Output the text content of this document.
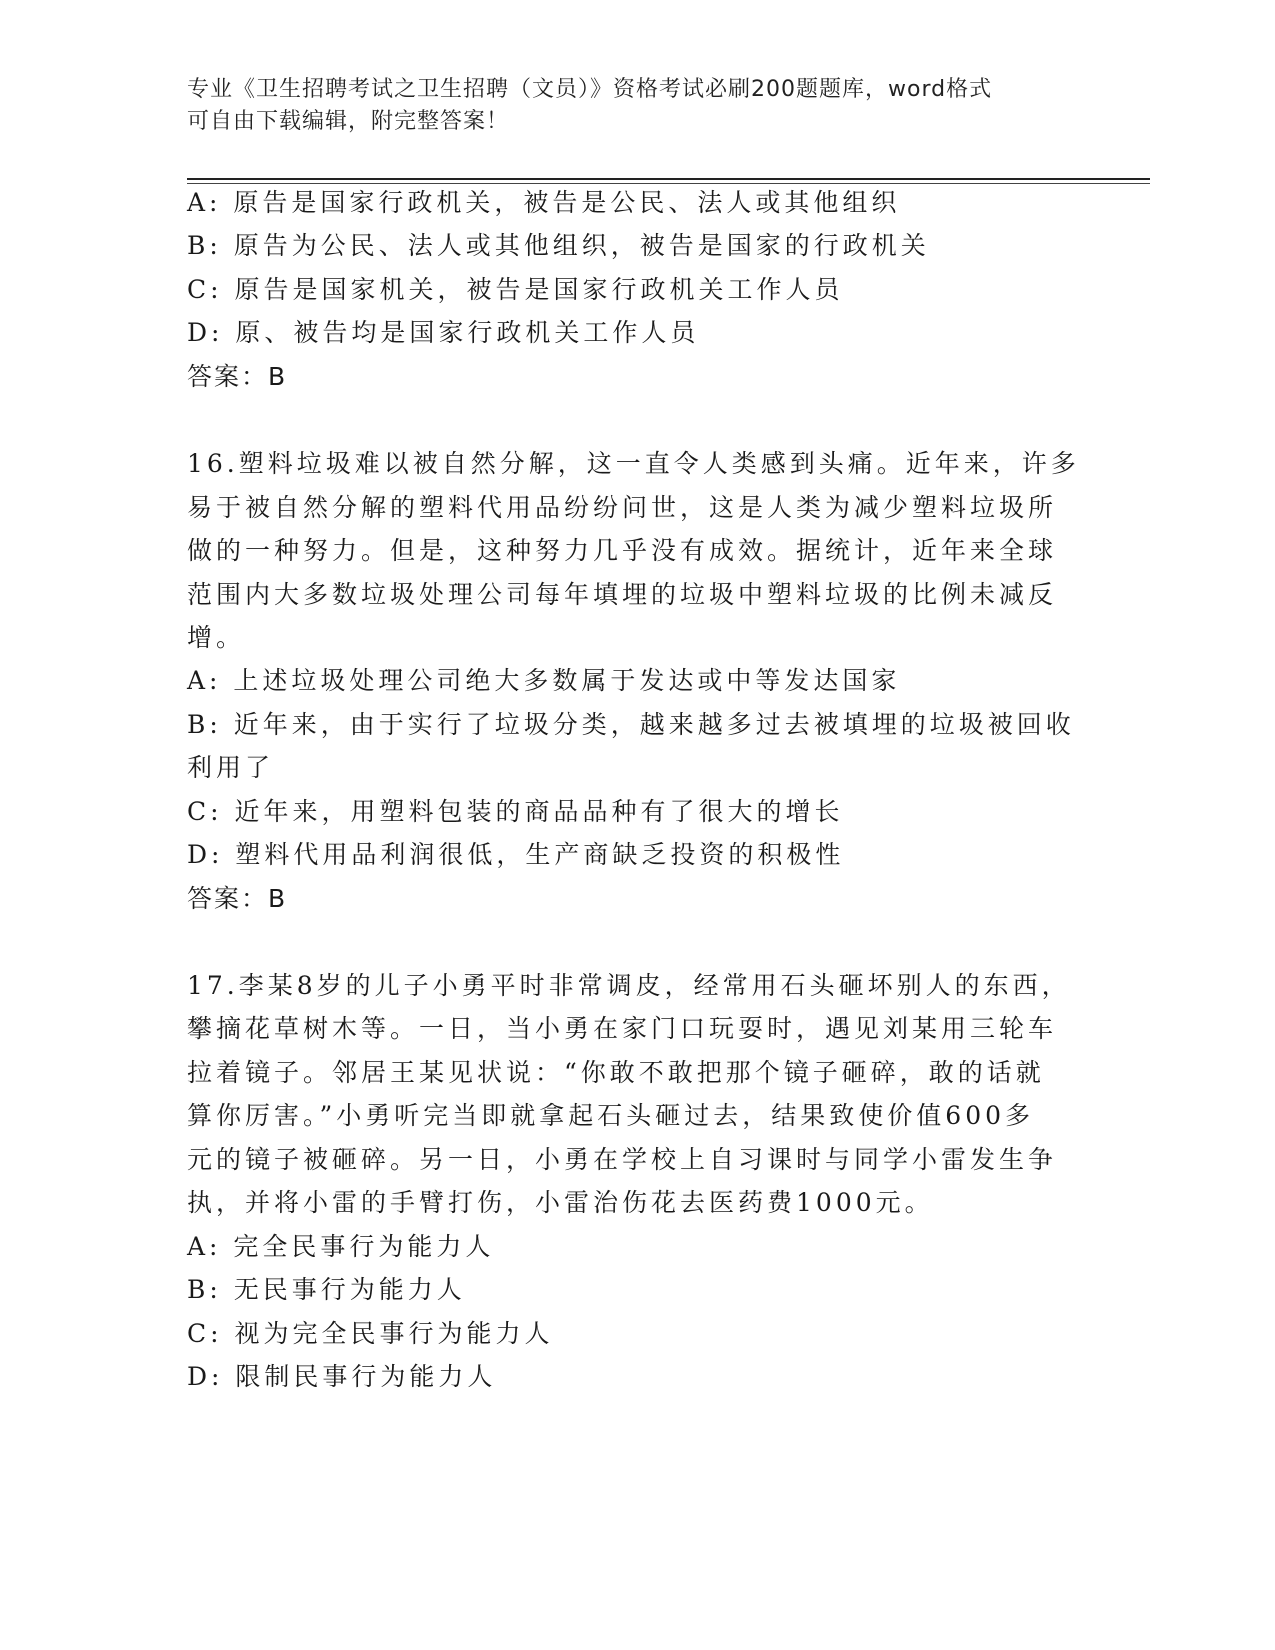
专业《卫生招聘考试之卫生招聘（文员）》资格考试必刷200题题库，word格式
可自由下载编辑，附完整答案！
A: 原告是国家行政机关，被告是公民、法人或其他组织
B: 原告为公民、法人或其他组织，被告是国家的行政机关
C: 原告是国家机关，被告是国家行政机关工作人员
D: 原、被告均是国家行政机关工作人员
答案：B
16.塑料垃圾难以被自然分解，这一直令人类感到头痛。近年来，许多
易于被自然分解的塑料代用品纷纷问世，这是人类为减少塑料垃圾所
做的一种努力。但是，这种努力几乎没有成效。据统计，近年来全球
范围内大多数垃圾处理公司每年填埋的垃圾中塑料垃圾的比例未减反
增。
A: 上述垃圾处理公司绝大多数属于发达或中等发达国家
B: 近年来，由于实行了垃圾分类，越来越多过去被填埋的垃圾被回收
利用了
C: 近年来，用塑料包装的商品品种有了很大的增长
D: 塑料代用品利润很低，生产商缺乏投资的积极性
答案：B
17.李某8岁的儿子小勇平时非常调皮，经常用石头砸坏别人的东西，
攀摘花草树木等。一日，当小勇在家门口玩耍时，遇见刘某用三轮车
拉着镜子。邻居王某见状说：“你敢不敢把那个镜子砸碎，敢的话就
算你厉害。”小勇听完当即就拿起石头砸过去，结果致使价值600多
元的镜子被砸碎。另一日，小勇在学校上自习课时与同学小雷发生争
执，并将小雷的手臂打伤，小雷治伤花去医药费1000元。
A: 完全民事行为能力人
B: 无民事行为能力人
C: 视为完全民事行为能力人
D: 限制民事行为能力人
